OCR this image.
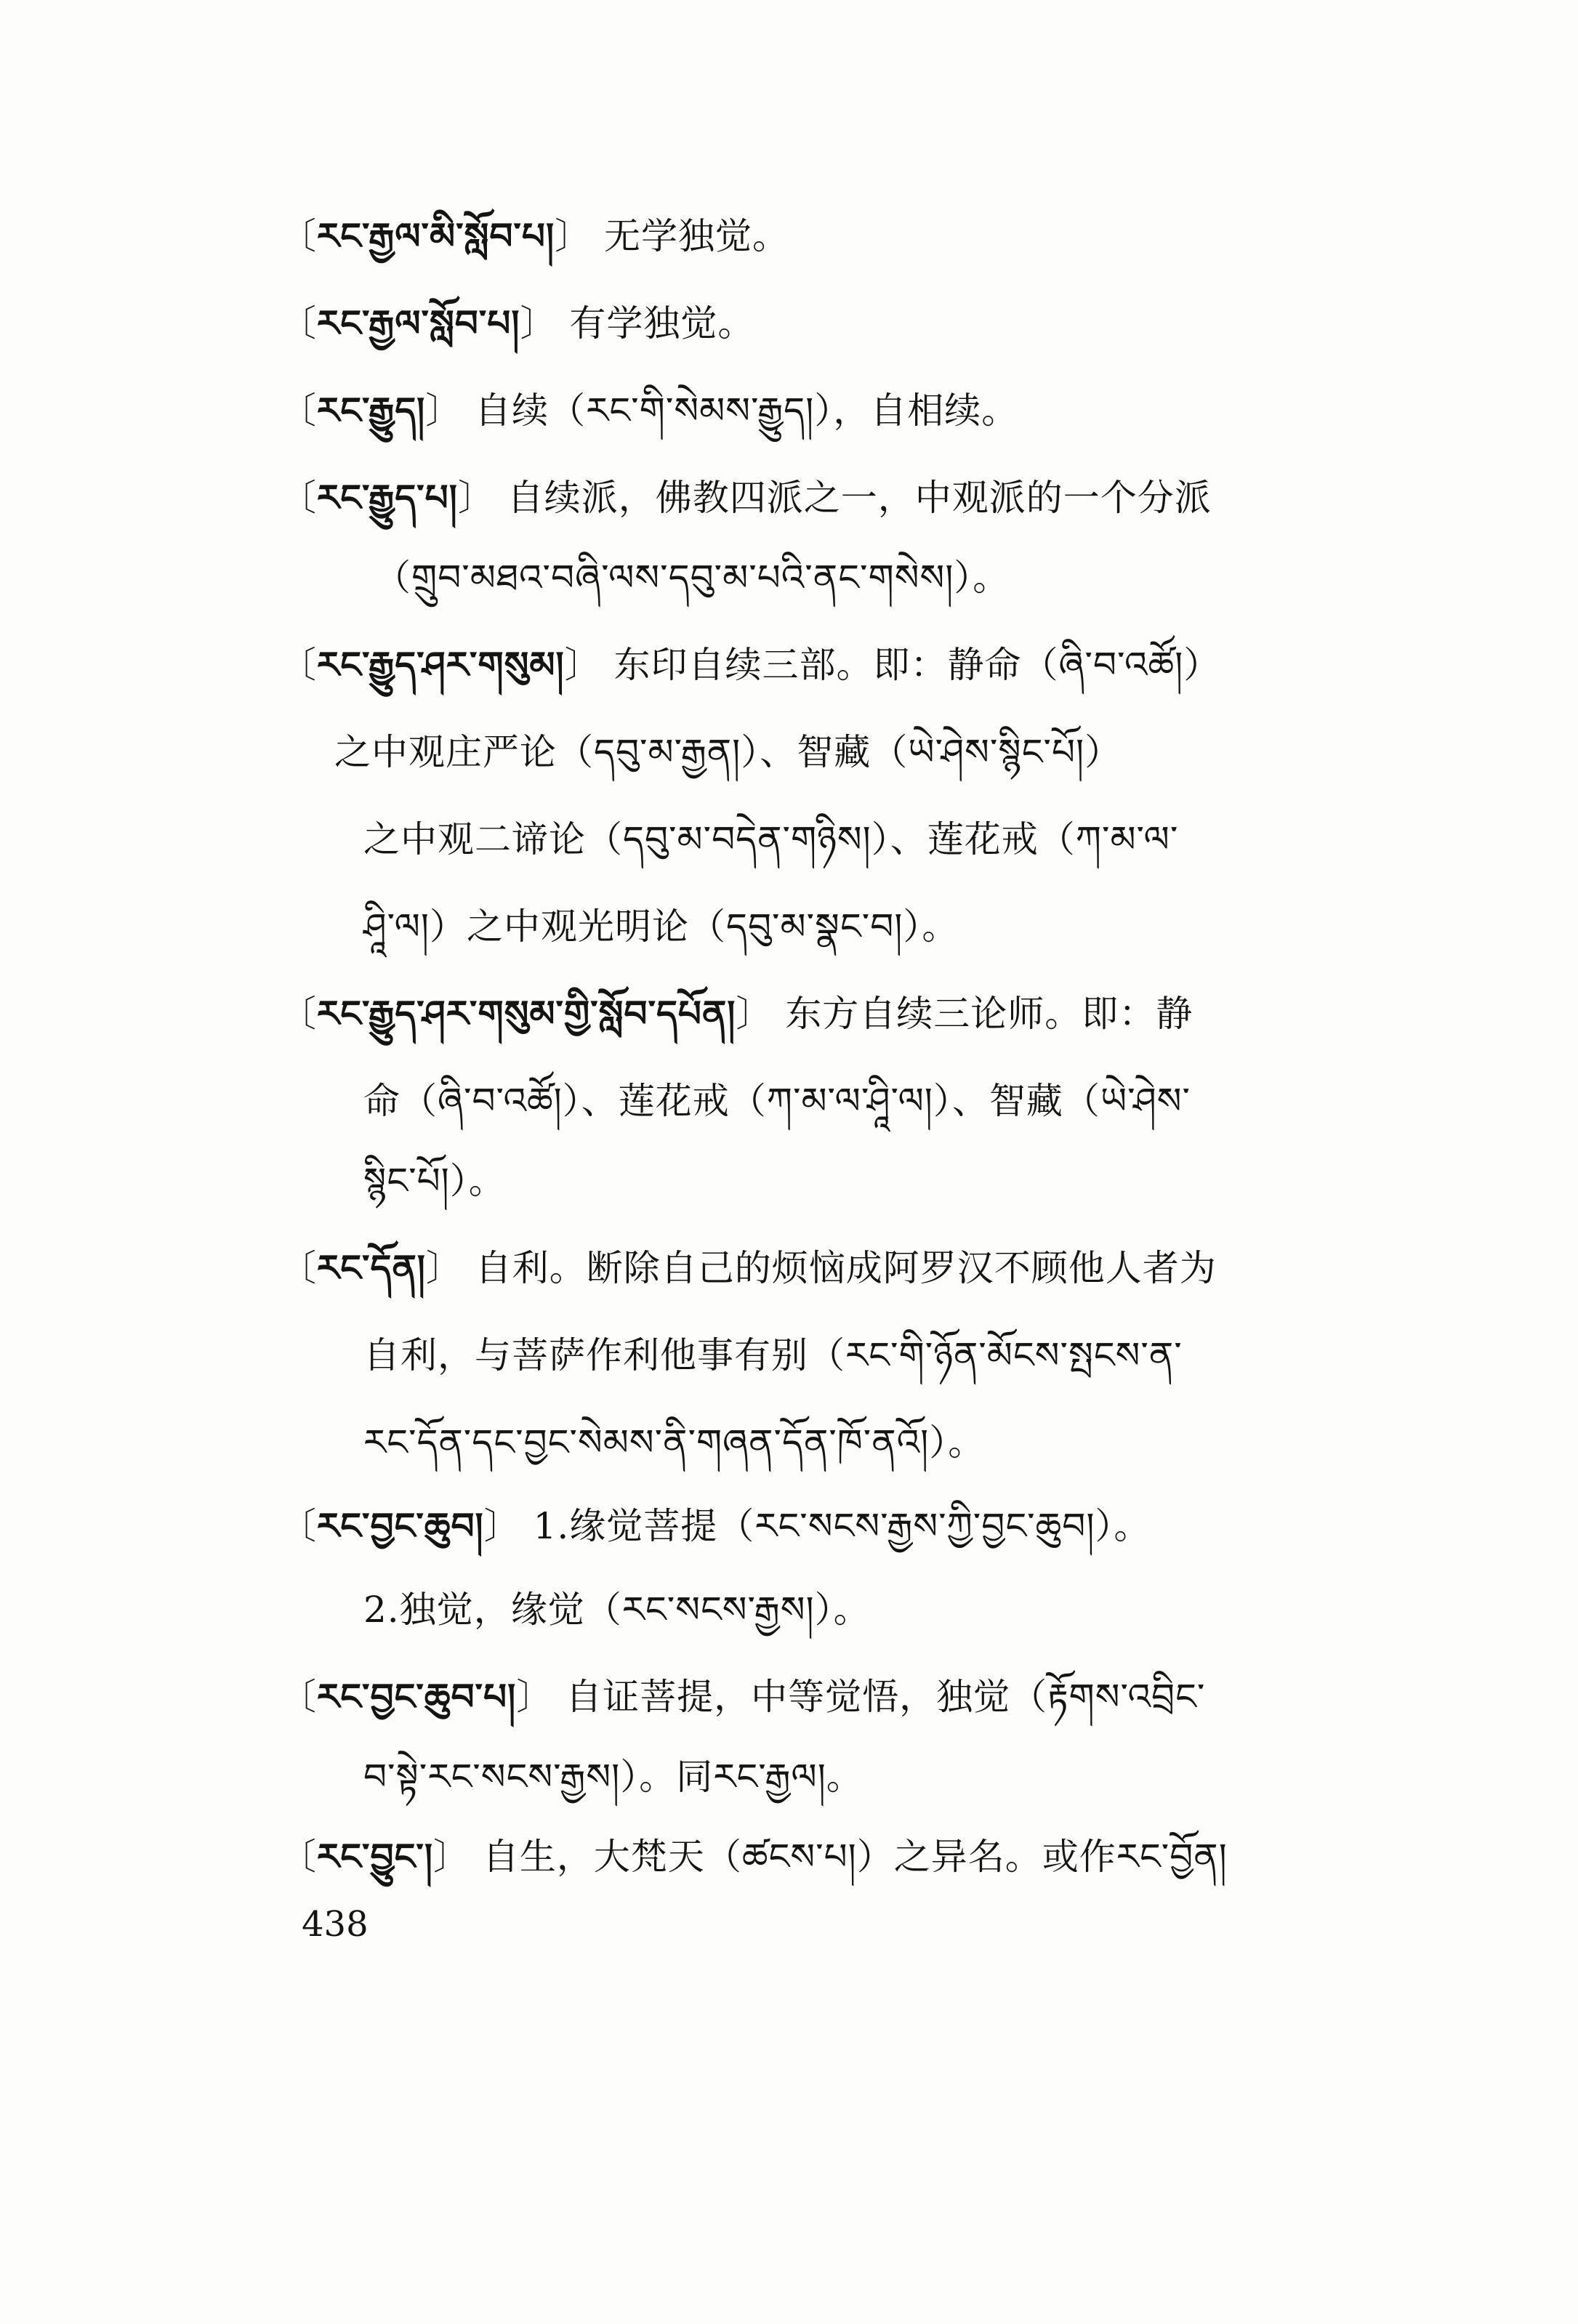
〔རང་རྒྱལ་མི་སློབ་པ།〕 无学独觉。
〔རང་རྒྱལ་སློབ་པ།〕 有学独觉。
〔རང་རྒྱུད།〕 自续（རང་གི་སེམས་རྒྱུད།），自相续。
〔རང་རྒྱུད་པ།〕 自续派，佛教四派之一，中观派的一个分派
（གྲུབ་མཐའ་བཞི་ལས་དབུ་མ་པའི་ནང་གསེས།）。
〔རང་རྒྱུད་ཤར་གསུམ།〕 东印自续三部。即：静命（ཞི་བ་འཚོ།）
之中观庄严论（དབུ་མ་རྒྱན།）、智藏（ཡེ་ཤེས་སྙིང་པོ།）
之中观二谛论（དབུ་མ་བདེན་གཉིས།）、莲花戒（ཀ་མ་ལ་
ཤཱི་ལ།）之中观光明论（དབུ་མ་སྣང་བ།）。
〔རང་རྒྱུད་ཤར་གསུམ་གྱི་སློབ་དཔོན།〕 东方自续三论师。即：静
命（ཞི་བ་འཚོ།）、莲花戒（ཀ་མ་ལ་ཤཱི་ལ།）、智藏（ཡེ་ཤེས་
སྙིང་པོ།）。
〔རང་དོན།〕 自利。断除自己的烦恼成阿罗汉不顾他人者为
自利，与菩萨作利他事有别（རང་གི་ཉོན་མོངས་སྤངས་ན་
རང་དོན་དང་བྱང་སེམས་ནི་གཞན་དོན་ཁོ་ནའོ།）。
〔རང་བྱང་ཆུབ།〕 1.缘觉菩提（རང་སངས་རྒྱས་ཀྱི་བྱང་ཆུབ།）。
2.独觉，缘觉（རང་སངས་རྒྱས།）。
〔རང་བྱང་ཆུབ་པ།〕 自证菩提，中等觉悟，独觉（རྟོགས་འབྲིང་
བ་སྟེ་རང་སངས་རྒྱས།）。同རང་རྒྱལ།。
〔རང་བྱུང་།〕 自生，大梵天（ཚངས་པ།）之异名。或作རང་བྱོན།
438
